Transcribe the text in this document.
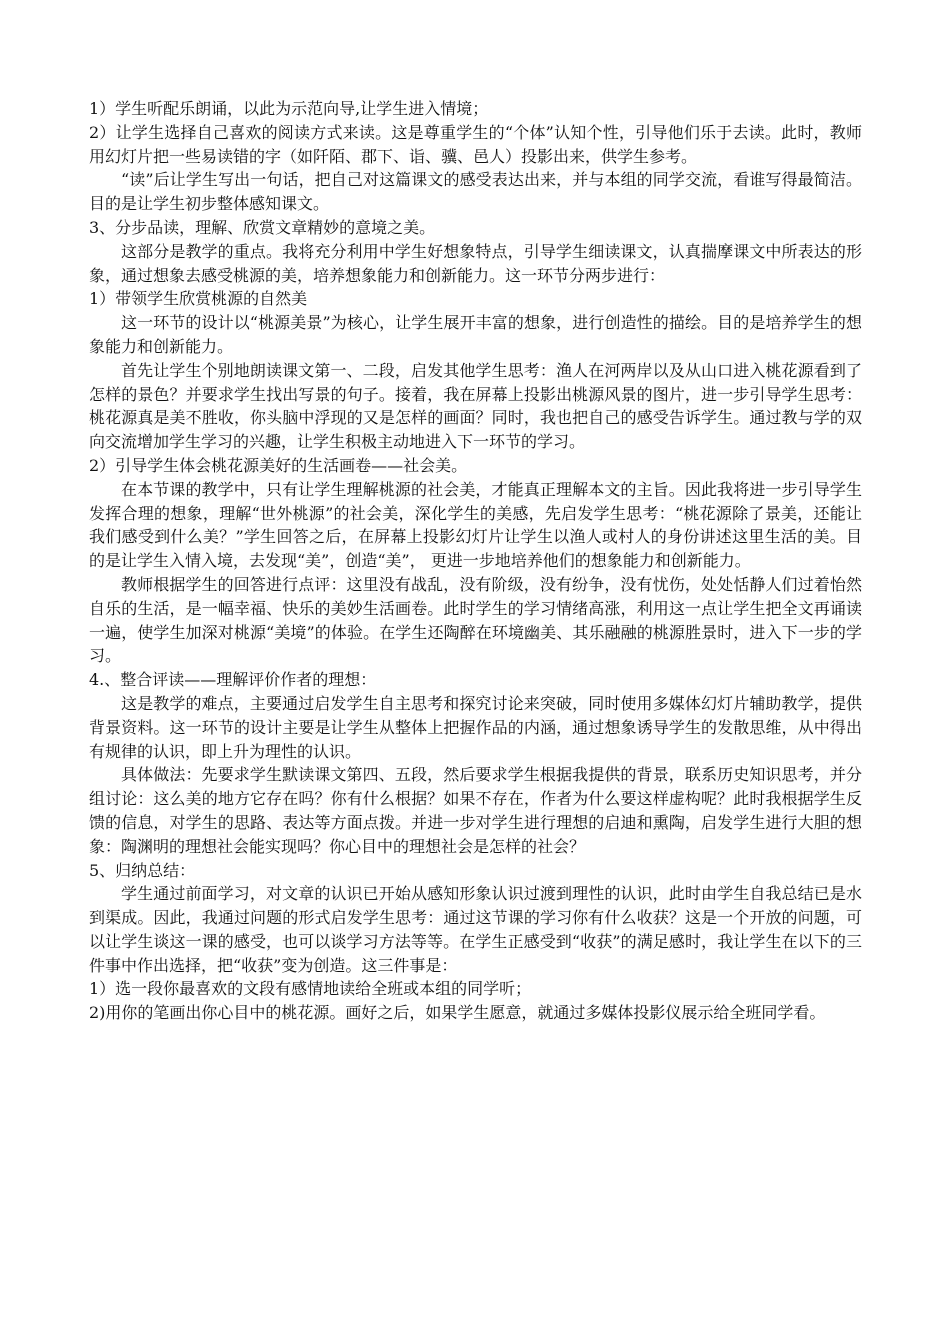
1）学生听配乐朗诵，以此为示范向导,让学生进入情境；

2）让学生选择自己喜欢的阅读方式来读。这是尊重学生的“个体”认知个性，引导他们乐于去读。此时，教师用幻灯片把一些易读错的字（如阡陌、郡下、诣、骥、邑人）投影出来，供学生参考。

“读”后让学生写出一句话，把自己对这篇课文的感受表达出来，并与本组的同学交流，看谁写得最简洁。目的是让学生初步整体感知课文。

3、分步品读，理解、欣赏文章精妙的意境之美。

这部分是教学的重点。我将充分利用中学生好想象特点，引导学生细读课文，认真揣摩课文中所表达的形象，通过想象去感受桃源的美，培养想象能力和创新能力。这一环节分两步进行：

1）带领学生欣赏桃源的自然美

这一环节的设计以“桃源美景”为核心，让学生展开丰富的想象，进行创造性的描绘。目的是培养学生的想象能力和创新能力。

首先让学生个别地朗读课文第一、二段，启发其他学生思考：渔人在河两岸以及从山口进入桃花源看到了怎样的景色？并要求学生找出写景的句子。接着，我在屏幕上投影出桃源风景的图片，进一步引导学生思考：桃花源真是美不胜收，你头脑中浮现的又是怎样的画面？同时，我也把自己的感受告诉学生。通过教与学的双向交流增加学生学习的兴趣，让学生积极主动地进入下一环节的学习。

2）引导学生体会桃花源美好的生活画卷——社会美。

在本节课的教学中，只有让学生理解桃源的社会美，才能真正理解本文的主旨。因此我将进一步引导学生发挥合理的想象，理解“世外桃源”的社会美，深化学生的美感，先启发学生思考：“桃花源除了景美，还能让我们感受到什么美？”学生回答之后，在屏幕上投影幻灯片让学生以渔人或村人的身份讲述这里生活的美。目的是让学生入情入境，去发现“美”，创造“美”， 更进一步地培养他们的想象能力和创新能力。

教师根据学生的回答进行点评：这里没有战乱，没有阶级，没有纷争，没有忧伤，处处恬静人们过着怡然自乐的生活，是一幅幸福、快乐的美妙生活画卷。此时学生的学习情绪高涨，利用这一点让学生把全文再诵读一遍，使学生加深对桃源“美境”的体验。在学生还陶醉在环境幽美、其乐融融的桃源胜景时，进入下一步的学习。

4.、整合评读——理解评价作者的理想：

这是教学的难点，主要通过启发学生自主思考和探究讨论来突破，同时使用多媒体幻灯片辅助教学，提供背景资料。这一环节的设计主要是让学生从整体上把握作品的内涵，通过想象诱导学生的发散思维，从中得出有规律的认识，即上升为理性的认识。

具体做法：先要求学生默读课文第四、五段，然后要求学生根据我提供的背景，联系历史知识思考，并分组讨论：这么美的地方它存在吗？你有什么根据？如果不存在，作者为什么要这样虚构呢？此时我根据学生反馈的信息，对学生的思路、表达等方面点拨。并进一步对学生进行理想的启迪和熏陶，启发学生进行大胆的想象：陶渊明的理想社会能实现吗？你心目中的理想社会是怎样的社会？

5、归纳总结：

学生通过前面学习，对文章的认识已开始从感知形象认识过渡到理性的认识，此时由学生自我总结已是水到渠成。因此，我通过问题的形式启发学生思考：通过这节课的学习你有什么收获？这是一个开放的问题，可以让学生谈这一课的感受，也可以谈学习方法等等。在学生正感受到“收获”的满足感时，我让学生在以下的三件事中作出选择，把“收获”变为创造。这三件事是：

1）选一段你最喜欢的文段有感情地读给全班或本组的同学听；

2)用你的笔画出你心目中的桃花源。画好之后，如果学生愿意，就通过多媒体投影仪展示给全班同学看。
